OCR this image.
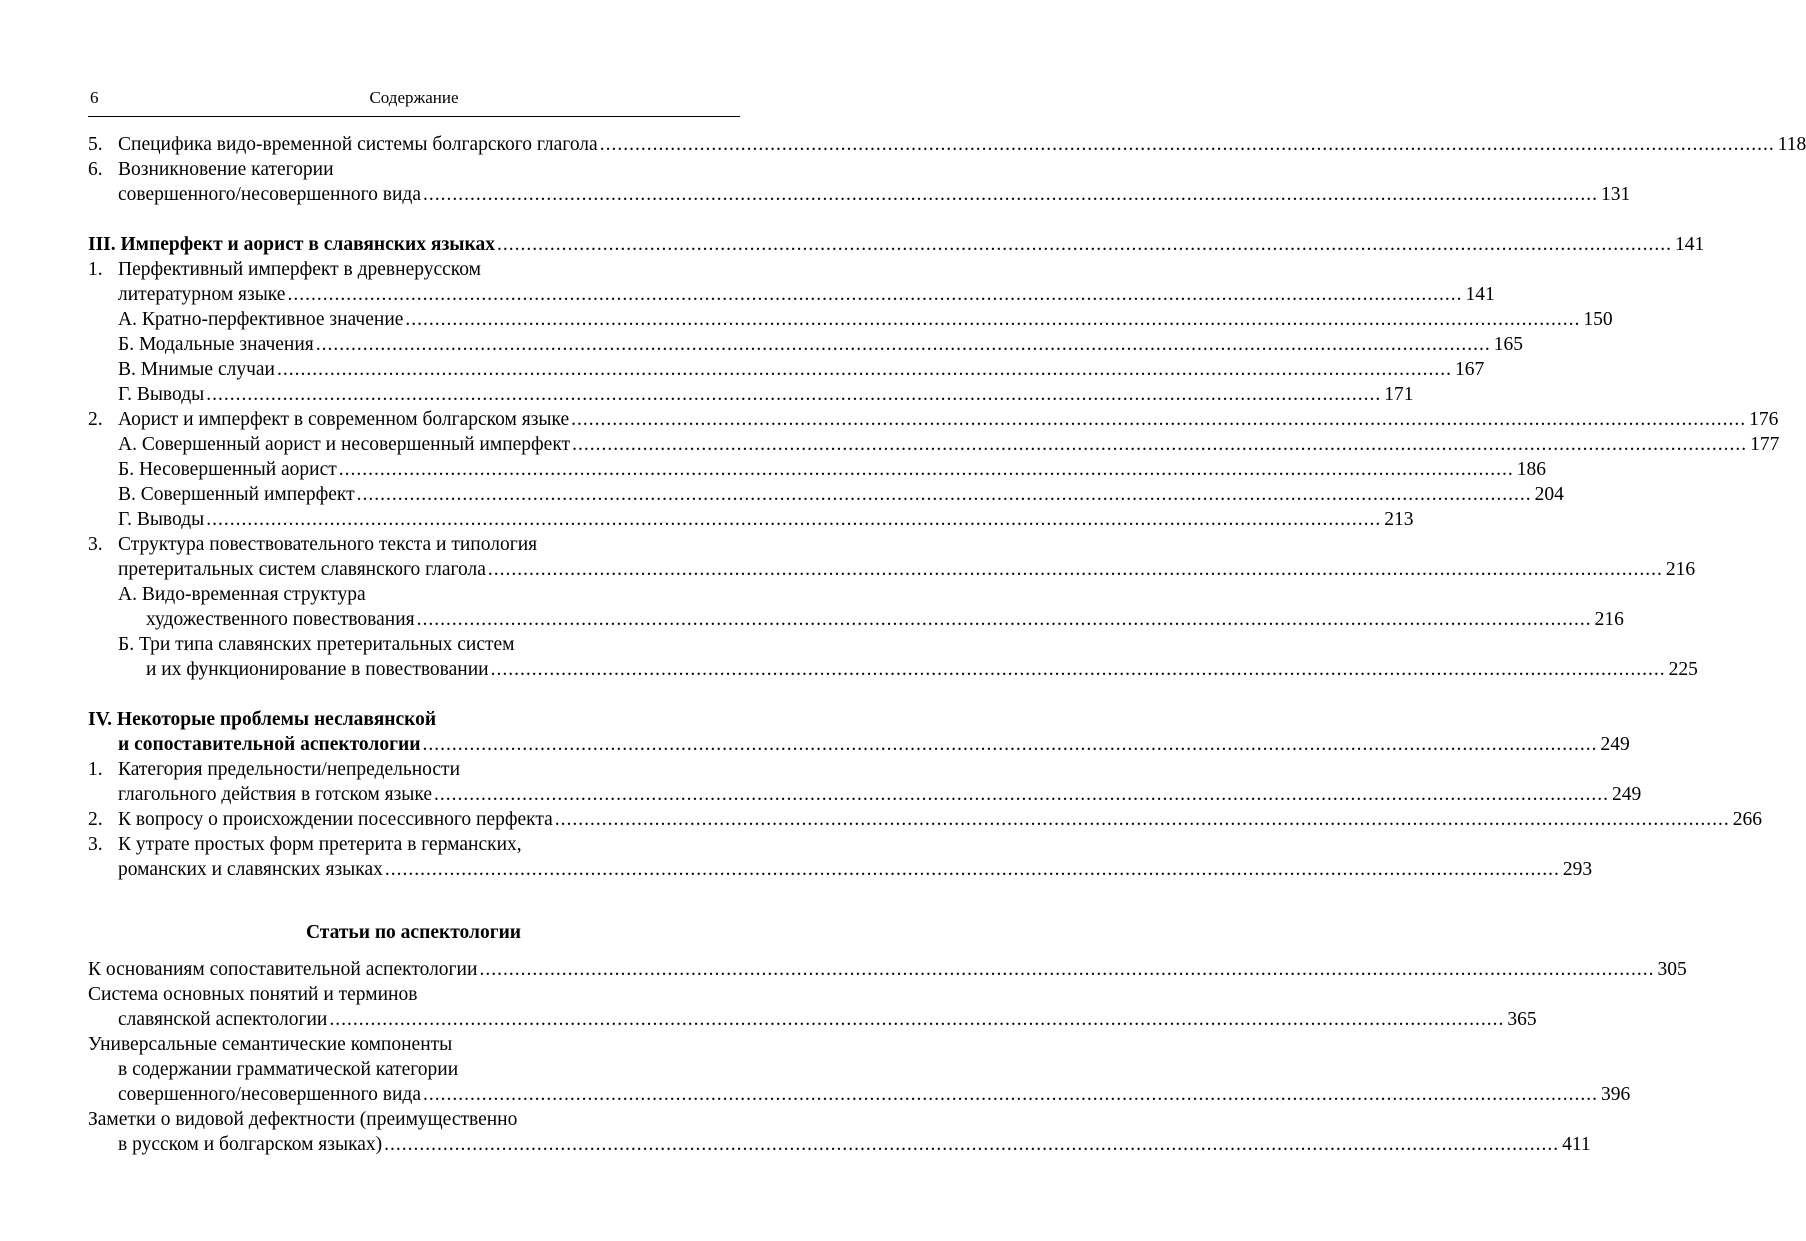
6	Содержание
5. Специфика видо-временной системы болгарского глагола ........................................................................................................................................................................................................ 118
6. Возникновение категории
совершенного/несовершенного вида ........................................................................................................................................................................................................ 131
III. Имперфект и аорист в славянских языках ........................................................................................................................................................................................................ 141
1. Перфективный имперфект в древнерусском
литературном языке ........................................................................................................................................................................................................ 141
А. Кратно-перфективное значение ........................................................................................................................................................................................................ 150
Б. Модальные значения ........................................................................................................................................................................................................ 165
В. Мнимые случаи ........................................................................................................................................................................................................ 167
Г. Выводы ........................................................................................................................................................................................................ 171
2. Аорист и имперфект в современном болгарском языке ........................................................................................................................................................................................................ 176
А. Совершенный аорист и несовершенный имперфект ........................................................................................................................................................................................................ 177
Б. Несовершенный аорист ........................................................................................................................................................................................................ 186
В. Совершенный имперфект ........................................................................................................................................................................................................ 204
Г. Выводы ........................................................................................................................................................................................................ 213
3. Структура повествовательного текста и типология
претеритальных систем славянского глагола ........................................................................................................................................................................................................ 216
А. Видо-временная структура
художественного повествования ........................................................................................................................................................................................................ 216
Б. Три типа славянских претеритальных систем
и их функционирование в повествовании ........................................................................................................................................................................................................ 225
IV. Некоторые проблемы неславянской
и сопоставительной аспектологии ........................................................................................................................................................................................................ 249
1. Категория предельности/непредельности
глагольного действия в готском языке ........................................................................................................................................................................................................ 249
2. К вопросу о происхождении посессивного перфекта ........................................................................................................................................................................................................ 266
3. К утрате простых форм претерита в германских,
романских и славянских языках ........................................................................................................................................................................................................ 293
К основаниям сопоставительной аспектологии ........................................................................................................................................................................................................ 305
Система основных понятий и терминов
славянской аспектологии ........................................................................................................................................................................................................ 365
Универсальные семантические компоненты
в содержании грамматической категории
совершенного/несовершенного вида ........................................................................................................................................................................................................ 396
Заметки о видовой дефектности (преимущественно
в русском и болгарском языках) ........................................................................................................................................................................................................ 411
Статьи по аспектологии
